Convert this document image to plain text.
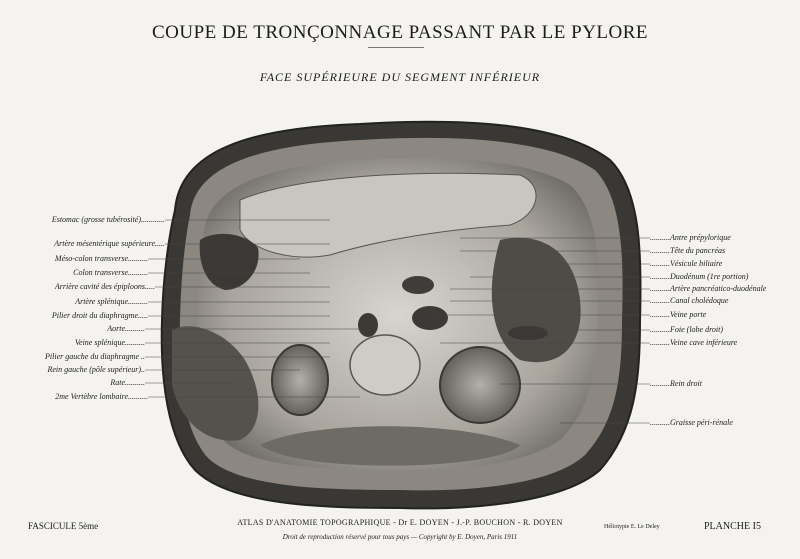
COUPE DE TRONÇONNAGE PASSANT PAR LE PYLORE
FACE SUPÉRIEURE DU SEGMENT INFÉRIEUR
Estomac (grosse tubérosité)............
Artère mésentérique supérieure.....
Méso-colon transverse..........
Colon transverse..........
Arrière cavité des épiploons.....
Artère splénique..........
Pilier droit du diaphragme.....
Aorte..........
Veine splénique..........
Pilier gauche du diaphragme ..
Rein gauche (pôle supérieur)..
Rate..........
2me Vertèbre lombaire..........
..........Antre prépylorique
..........Tête du pancréas
..........Vésicule biliaire
..........Duodénum (1re portion)
..........Artère pancréatico-duodénale
..........Canal cholédoque
..........Veine porte
..........Foie (lobe droit)
..........Veine cave inférieure
..........Rein droit
..........Graisse péri-rénale
FASCICULE 5ème	ATLAS D'ANATOMIE TOPOGRAPHIQUE - Dr E. DOYEN - J.-P. BOUCHON - R. DOYEN
Droit de reproduction réservé pour tous pays — Copyright by E. Doyen, Paris 1911
Héliotypie E. Le Deley	PLANCHE I5
